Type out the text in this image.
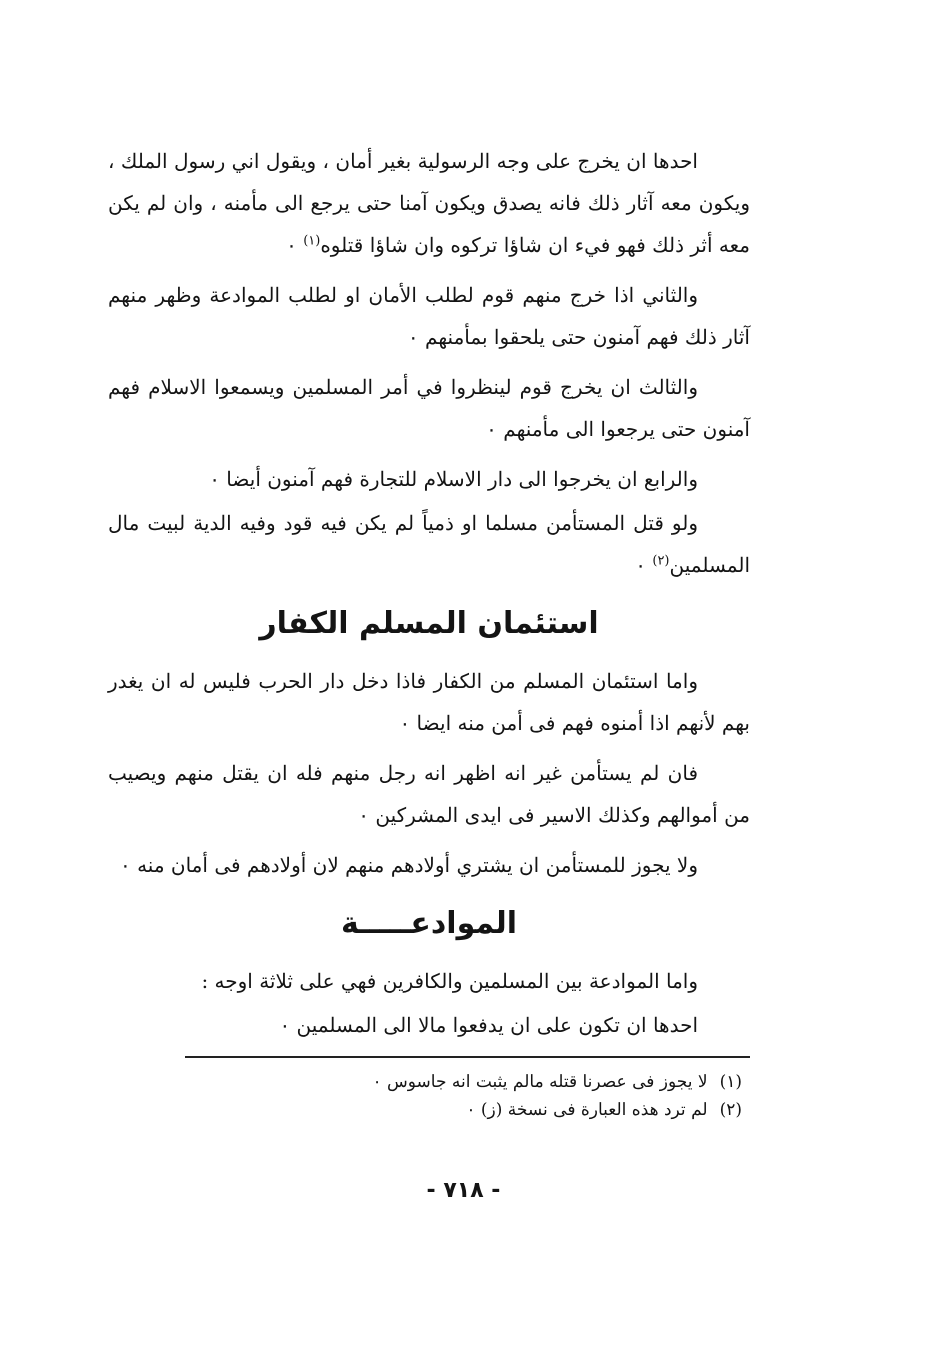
احدها ان يخرج على وجه الرسولية بغير أمان ، ويقول اني رسول الملك ، ويكون معه آثار ذلك فانه يصدق ويكون آمنا حتى يرجع الى مأمنه ، وان لم يكن معه أثر ذلك فهو فيء ان شاؤا تركوه وان شاؤا قتلوه$^{(١)}$ ٠

والثاني اذا خرج منهم قوم لطلب الأمان او لطلب الموادعة وظهر منهم آثار ذلك فهم آمنون حتى يلحقوا بمأمنهم ٠

والثالث ان يخرج قوم لينظروا في أمر المسلمين ويسمعوا الاسلام فهم آمنون حتى يرجعوا الى مأمنهم ٠

والرابع ان يخرجوا الى دار الاسلام للتجارة فهم آمنون أيضا ٠

ولو قتل المستأمن مسلما او ذمياً لم يكن فيه قود وفيه الدية لبيت مال المسلمين$^{(٢)}$ ٠

استئمان المسلم الكفار

واما استئمان المسلم من الكفار فاذا دخل دار الحرب فليس له ان يغدر بهم لأنهم اذا أمنوه فهم فى أمن منه ايضا ٠

فان لم يستأمن غير انه اظهر انه رجل منهم فله ان يقتل منهم ويصيب من أموالهم وكذلك الاسير فى ايدى المشركين ٠

ولا يجوز للمستأمن ان يشتري أولادهم منهم لان أولادهم فى أمان منه ٠

الموادعـــــة

واما الموادعة بين المسلمين والكافرين فهي على ثلاثة اوجه :

احدها ان تكون على ان يدفعوا مالا الى المسلمين ٠

(١)لا يجوز فى عصرنا قتله مالم يثبت انه جاسوس ٠

(٢)لم ترد هذه العبارة فى نسخة (ز) ٠

- ٧١٨ -
